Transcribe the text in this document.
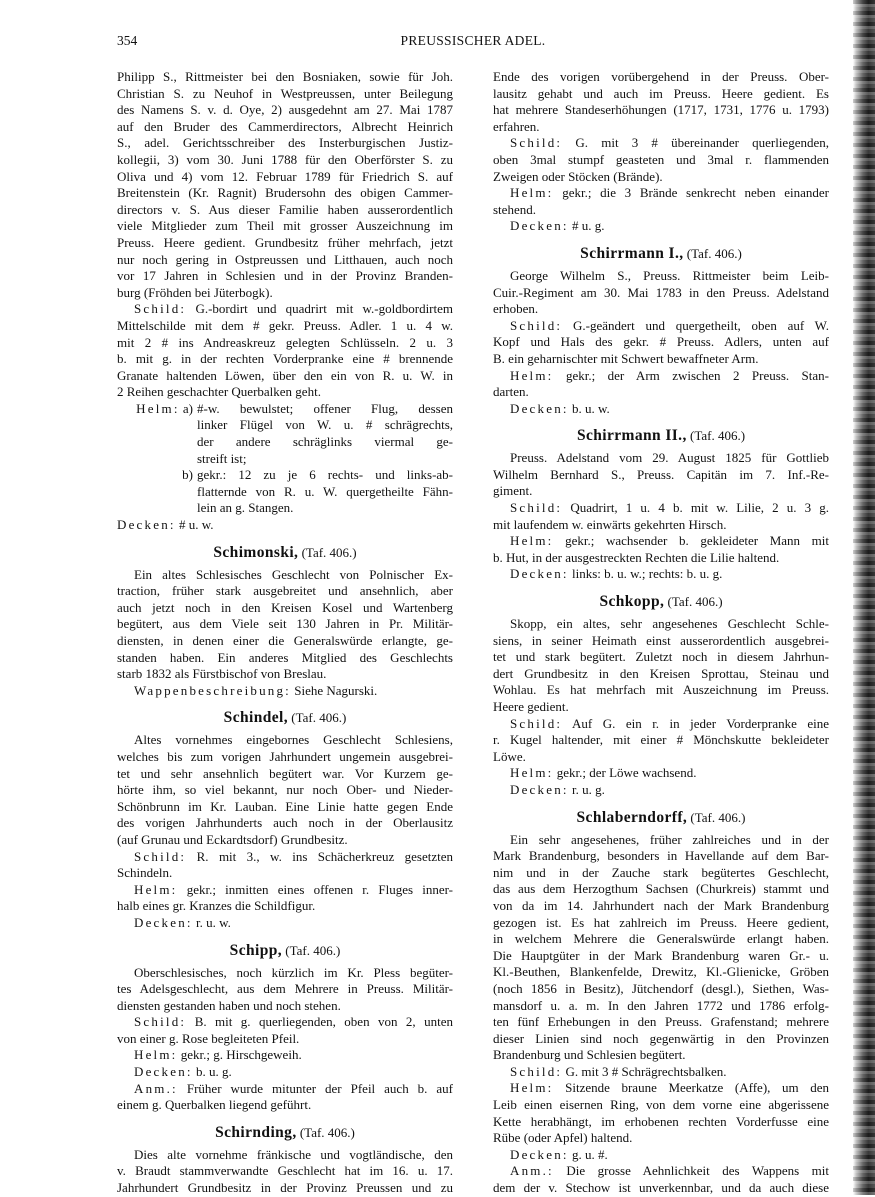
354	PREUSSISCHER ADEL.
Philipp S., Rittmeister bei den Bosniaken, sowie für Joh.
Christian S. zu Neuhof in Westpreussen, unter Beilegung
des Namens S. v. d. Oye, 2) ausgedehnt am 27. Mai 1787
auf den Bruder des Cammerdirectors, Albrecht Heinrich
S., adel. Gerichtsschreiber des Insterburgischen Justiz-
kollegii, 3) vom 30. Juni 1788 für den Oberförster S. zu
Oliva und 4) vom 12. Februar 1789 für Friedrich S. auf
Breitenstein (Kr. Ragnit) Brudersohn des obigen Cammer-
directors v. S. Aus dieser Familie haben ausserordentlich
viele Mitglieder zum Theil mit grosser Auszeichnung im
Preuss. Heere gedient. Grundbesitz früher mehrfach, jetzt
nur noch gering in Ostpreussen und Litthauen, auch noch
vor 17 Jahren in Schlesien und in der Provinz Branden-
burg (Fröhden bei Jüterbogk).
Schild: G.-bordirt und quadrirt mit w.-goldbordirtem
Mittelschilde mit dem # gekr. Preuss. Adler. 1 u. 4 w.
mit 2 # ins Andreaskreuz gelegten Schlüsseln. 2 u. 3
b. mit g. in der rechten Vorderpranke eine # brennende
Granate haltenden Löwen, über den ein von R. u. W. in
2 Reihen geschachter Querbalken geht.
Helm: a) #-w. bewulstet; offener Flug, dessen
linker Flügel von W. u. # schrägrechts,
der andere schräglinks viermal ge-
streift ist;
b) gekr.: 12 zu je 6 rechts- und links-ab-
flatternde von R. u. W. quergetheilte Fähn-
lein an g. Stangen.
Decken: # u. w.
Schimonski, (Taf. 406.)
Ein altes Schlesisches Geschlecht von Polnischer Ex-
traction, früher stark ausgebreitet und ansehnlich, aber
auch jetzt noch in den Kreisen Kosel und Wartenberg
begütert, aus dem Viele seit 130 Jahren in Pr. Militär-
diensten, in denen einer die Generalswürde erlangte, ge-
standen haben. Ein anderes Mitglied des Geschlechts
starb 1832 als Fürstbischof von Breslau.
Wappenbeschreibung: Siehe Nagurski.
Schindel, (Taf. 406.)
Altes vornehmes eingebornes Geschlecht Schlesiens,
welches bis zum vorigen Jahrhundert ungemein ausgebrei-
tet und sehr ansehnlich begütert war. Vor Kurzem ge-
hörte ihm, so viel bekannt, nur noch Ober- und Nieder-
Schönbrunn im Kr. Lauban. Eine Linie hatte gegen Ende
des vorigen Jahrhunderts auch noch in der Oberlausitz
(auf Grunau und Eckardtsdorf) Grundbesitz.
Schild: R. mit 3., w. ins Schächerkreuz gesetzten
Schindeln.
Helm: gekr.; inmitten eines offenen r. Fluges inner-
halb eines gr. Kranzes die Schildfigur.
Decken: r. u. w.
Schipp, (Taf. 406.)
Oberschlesisches, noch kürzlich im Kr. Pless begüter-
tes Adelsgeschlecht, aus dem Mehrere in Preuss. Militär-
diensten gestanden haben und noch stehen.
Schild: B. mit g. querliegenden, oben von 2, unten
von einer g. Rose begleiteten Pfeil.
Helm: gekr.; g. Hirschgeweih.
Decken: b. u. g.
Anm.: Früher wurde mitunter der Pfeil auch b. auf
einem g. Querbalken liegend geführt.
Schirnding, (Taf. 406.)
Dies alte vornehme fränkische und vogtländische, den
v. Braudt stammverwandte Geschlecht hat im 16. u. 17.
Jahrhundert Grundbesitz in der Provinz Preussen und zu
Ende des vorigen vorübergehend in der Preuss. Ober-
lausitz gehabt und auch im Preuss. Heere gedient. Es
hat mehrere Standeserhöhungen (1717, 1731, 1776 u. 1793)
erfahren.
Schild: G. mit 3 # übereinander querliegenden,
oben 3mal stumpf geasteten und 3mal r. flammenden
Zweigen oder Stöcken (Brände).
Helm: gekr.; die 3 Brände senkrecht neben einander
stehend.
Decken: # u. g.
Schirrmann I., (Taf. 406.)
George Wilhelm S., Preuss. Rittmeister beim Leib-
Cuir.-Regiment am 30. Mai 1783 in den Preuss. Adelstand
erhoben.
Schild: G.-geändert und quergetheilt, oben auf W.
Kopf und Hals des gekr. # Preuss. Adlers, unten auf
B. ein geharnischter mit Schwert bewaffneter Arm.
Helm: gekr.; der Arm zwischen 2 Preuss. Stan-
darten.
Decken: b. u. w.
Schirrmann II., (Taf. 406.)
Preuss. Adelstand vom 29. August 1825 für Gottlieb
Wilhelm Bernhard S., Preuss. Capitän im 7. Inf.-Re-
giment.
Schild: Quadrirt, 1 u. 4 b. mit w. Lilie, 2 u. 3 g.
mit laufendem w. einwärts gekehrten Hirsch.
Helm: gekr.; wachsender b. gekleideter Mann mit
b. Hut, in der ausgestreckten Rechten die Lilie haltend.
Decken: links: b. u. w.; rechts: b. u. g.
Schkopp, (Taf. 406.)
Skopp, ein altes, sehr angesehenes Geschlecht Schle-
siens, in seiner Heimath einst ausserordentlich ausgebrei-
tet und stark begütert. Zuletzt noch in diesem Jahrhun-
dert Grundbesitz in den Kreisen Sprottau, Steinau und
Wohlau. Es hat mehrfach mit Auszeichnung im Preuss.
Heere gedient.
Schild: Auf G. ein r. in jeder Vorderpranke eine
r. Kugel haltender, mit einer # Mönchskutte bekleideter
Löwe.
Helm: gekr.; der Löwe wachsend.
Decken: r. u. g.
Schlaberndorff, (Taf. 406.)
Ein sehr angesehenes, früher zahlreiches und in der
Mark Brandenburg, besonders in Havellande auf dem Bar-
nim und in der Zauche stark begütertes Geschlecht,
das aus dem Herzogthum Sachsen (Churkreis) stammt und
von da im 14. Jahrhundert nach der Mark Brandenburg
gezogen ist. Es hat zahlreich im Preuss. Heere gedient,
in welchem Mehrere die Generalswürde erlangt haben.
Die Hauptgüter in der Mark Brandenburg waren Gr.- u.
Kl.-Beuthen, Blankenfelde, Drewitz, Kl.-Glienicke, Gröben
(noch 1856 in Besitz), Jütchendorf (desgl.), Siethen, Was-
mansdorf u. a. m. In den Jahren 1772 und 1786 erfolg-
ten fünf Erhebungen in den Preuss. Grafenstand; mehrere
dieser Linien sind noch gegenwärtig in den Provinzen
Brandenburg und Schlesien begütert.
Schild: G. mit 3 # Schrägrechtsbalken.
Helm: Sitzende braune Meerkatze (Affe), um den
Leib einen eisernen Ring, von dem vorne eine abgerissene
Kette herabhängt, im erhobenen rechten Vorderfusse eine
Rübe (oder Apfel) haltend.
Decken: g. u. #.
Anm.: Die grosse Aehnlichkeit des Wappens mit
dem der v. Stechow ist unverkennbar, und da auch diese
